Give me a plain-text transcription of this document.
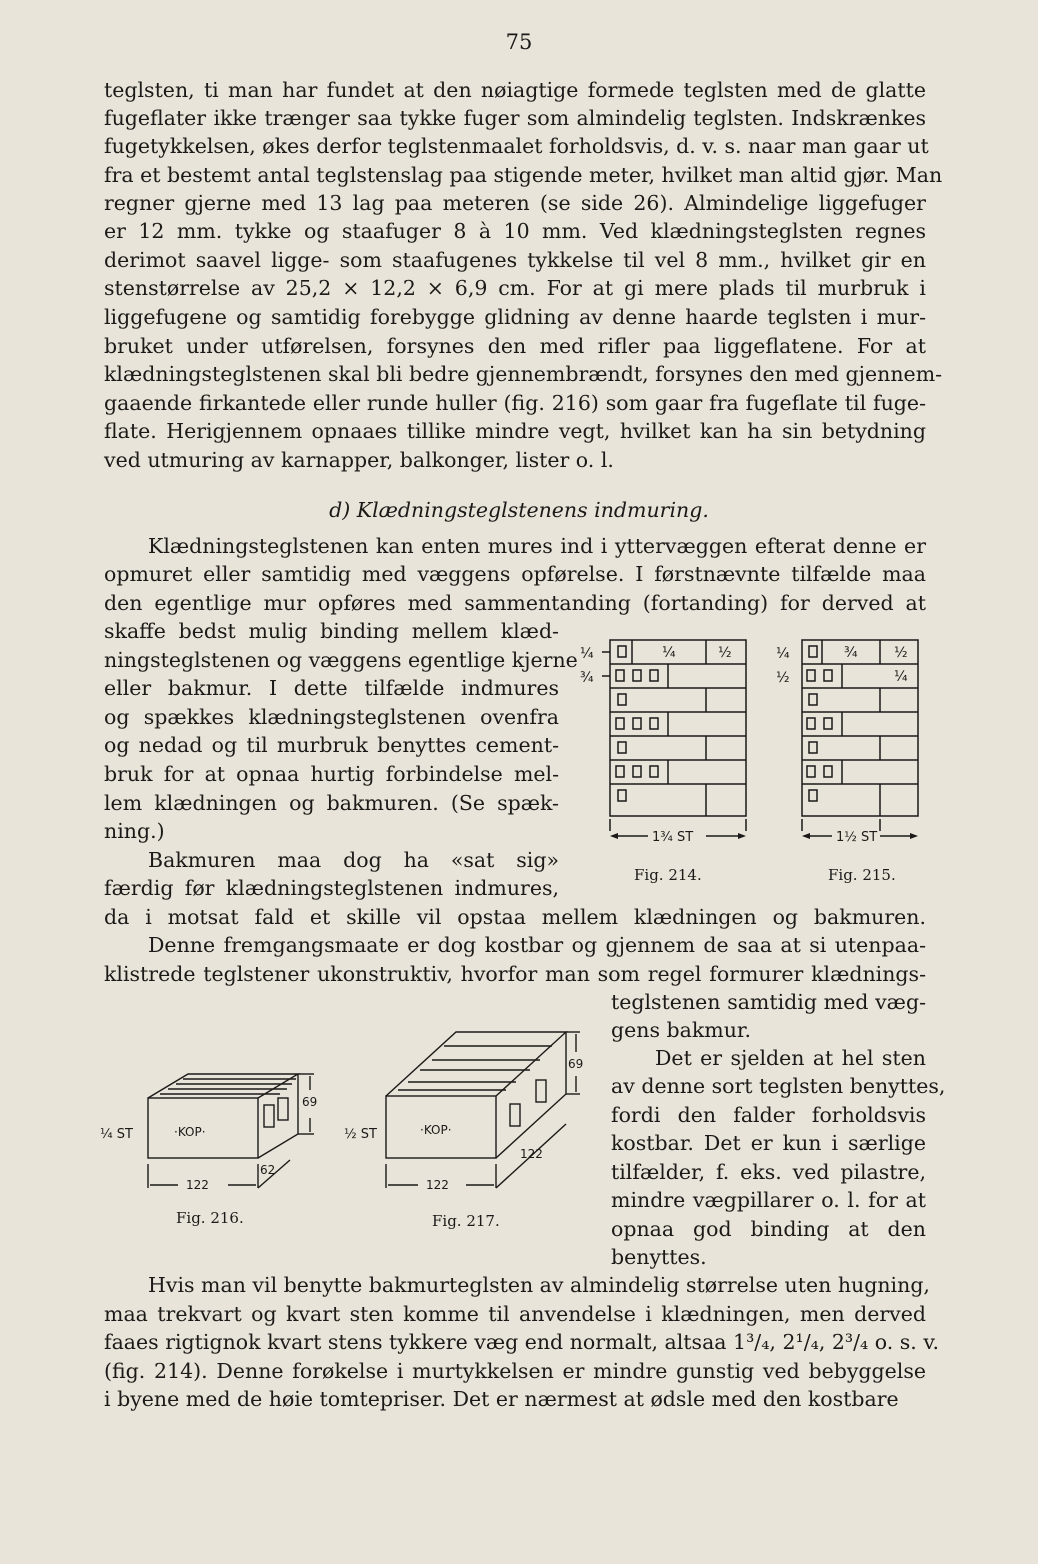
75
teglsten, ti man har fundet at den nøiagtige formede teglsten med de glatte
fugeflater ikke trænger saa tykke fuger som almindelig teglsten. Indskrænkes
fugetykkelsen, økes derfor teglstenmaalet forholdsvis, d. v. s. naar man gaar ut
fra et bestemt antal teglstenslag paa stigende meter, hvilket man altid gjør. Man
regner gjerne med 13 lag paa meteren (se side 26). Almindelige liggefuger
er 12 mm. tykke og staafuger 8 à 10 mm. Ved klædningsteglsten regnes
derimot saavel ligge- som staafugenes tykkelse til vel 8 mm., hvilket gir en
stenstørrelse av 25,2 × 12,2 × 6,9 cm. For at gi mere plads til murbruk i
liggefugene og samtidig forebygge glidning av denne haarde teglsten i mur-
bruket under utførelsen, forsynes den med rifler paa liggeflatene. For at
klædningsteglstenen skal bli bedre gjennembrændt, forsynes den med gjennem-
gaaende firkantede eller runde huller (fig. 216) som gaar fra fugeflate til fuge-
flate. Herigjennem opnaaes tillike mindre vegt, hvilket kan ha sin betydning
ved utmuring av karnapper, balkonger, lister o. l.
d) Klædningsteglstenens indmuring.
Klædningsteglstenen kan enten mures ind i yttervæggen efterat denne er
opmuret eller samtidig med væggens opførelse. I førstnævnte tilfælde maa
den egentlige mur opføres med sammentanding (fortanding) for derved at
skaffe bedst mulig binding mellem klæd-
ningsteglstenen og væggens egentlige kjerne
eller bakmur. I dette tilfælde indmures
og spækkes klædningsteglstenen ovenfra
og nedad og til murbruk benyttes cement-
bruk for at opnaa hurtig forbindelse mel-
lem klædningen og bakmuren. (Se spæk-
ning.)
Bakmuren maa dog ha «sat sig»
færdig før klædningsteglstenen indmures,
da i motsat fald et skille vil opstaa mellem klædningen og bakmuren.
Denne fremgangsmaate er dog kostbar og gjennem de saa at si utenpaa-
klistrede teglstener ukonstruktiv, hvorfor man som regel formurer klædnings-
teglstenen samtidig med væg-
gens bakmur.
Det er sjelden at hel sten
av denne sort teglsten benyttes,
fordi den falder forholdsvis
kostbar. Det er kun i særlige
tilfælder, f. eks. ved pilastre,
mindre vægpillarer o. l. for at
opnaa god binding at den
benyttes.
Hvis man vil benytte bakmurteglsten av almindelig størrelse uten hugning,
maa trekvart og kvart sten komme til anvendelse i klædningen, men derved
faaes rigtignok kvart stens tykkere væg end normalt, altsaa 1³/₄, 2¹/₄, 2³/₄ o. s. v.
(fig. 214). Denne forøkelse i murtykkelsen er mindre gunstig ved bebyggelse
i byene med de høie tomtepriser. Det er nærmest at ødsle med den kostbare
¼
¾
¼	½
1¾ ST
Fig. 214.
¼
½
¾	½
¼
1½ ST
Fig. 215.
¼ ST	·KOP·
69
122
62
Fig. 216.
½ ST	·KOP·
69
122
122
Fig. 217.
